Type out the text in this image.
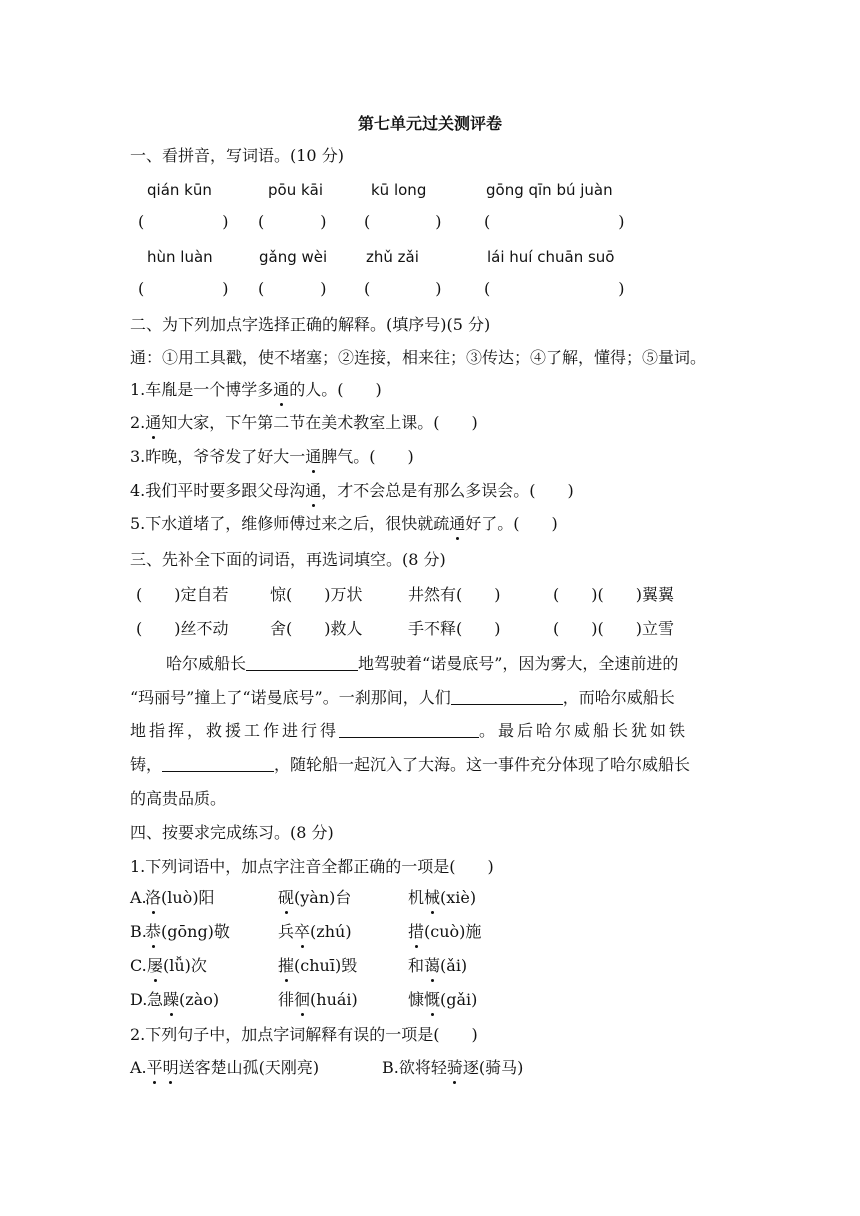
第七单元过关测评卷
一、看拼音，写词语。(10 分)
qián kūn	pōu kāi	kū long	gōng qīn bú juàn
(	) (	) (	)	(	)
hùn luàn	gǎng wèi	zhǔ zǎi	lái huí chuān suō
(	) (	) (	)	(	)
二、为下列加点字选择正确的解释。(填序号)(5 分)
通：①用工具戳，使不堵塞；②连接，相来往；③传达；④了解，懂得；⑤量词。
1.车胤是一个博学多通的人。(　　)
2.通知大家，下午第二节在美术教室上课。(　　)
3.昨晚，爷爷发了好大一通脾气。(　　)
4.我们平时要多跟父母沟通，才不会总是有那么多误会。(　　)
5.下水道堵了，维修师傅过来之后，很快就疏通好了。(　　)
三、先补全下面的词语，再选词填空。(8 分)
(　　)定自若	惊(　　)万状	井然有(　　)	(　　)(　　)翼翼
(　　)丝不动	舍(　　)救人	手不释(　　)	(　　)(　　)立雪
哈尔威船长	地驾驶着“诺曼底号”，因为雾大，全速前进的
“玛丽号”撞上了“诺曼底号”。一刹那间，人们	，而哈尔威船长
地指挥，救援工作进行得	。最后哈尔威船长犹如铁
铸，	，随轮船一起沉入了大海。这一事件充分体现了哈尔威船长
的高贵品质。
四、按要求完成练习。(8 分)
1.下列词语中，加点字注音全都正确的一项是(　　)
A.
洛(luò)阳	砚(yàn)台	机械(xiè)
B.
恭(gōng)敬	兵卒(zhú)	措(cuò)施
C. 屡(lǚ)次	摧(chuī)毁	和蔼(ǎi)
D. 急躁(zào)	徘徊(huái)	慷慨(gǎi)
2.下列句子中，加点字词解释有误的一项是(　　)
A.平明送客楚山孤(天刚亮)	B.欲将轻骑逐(骑马)
